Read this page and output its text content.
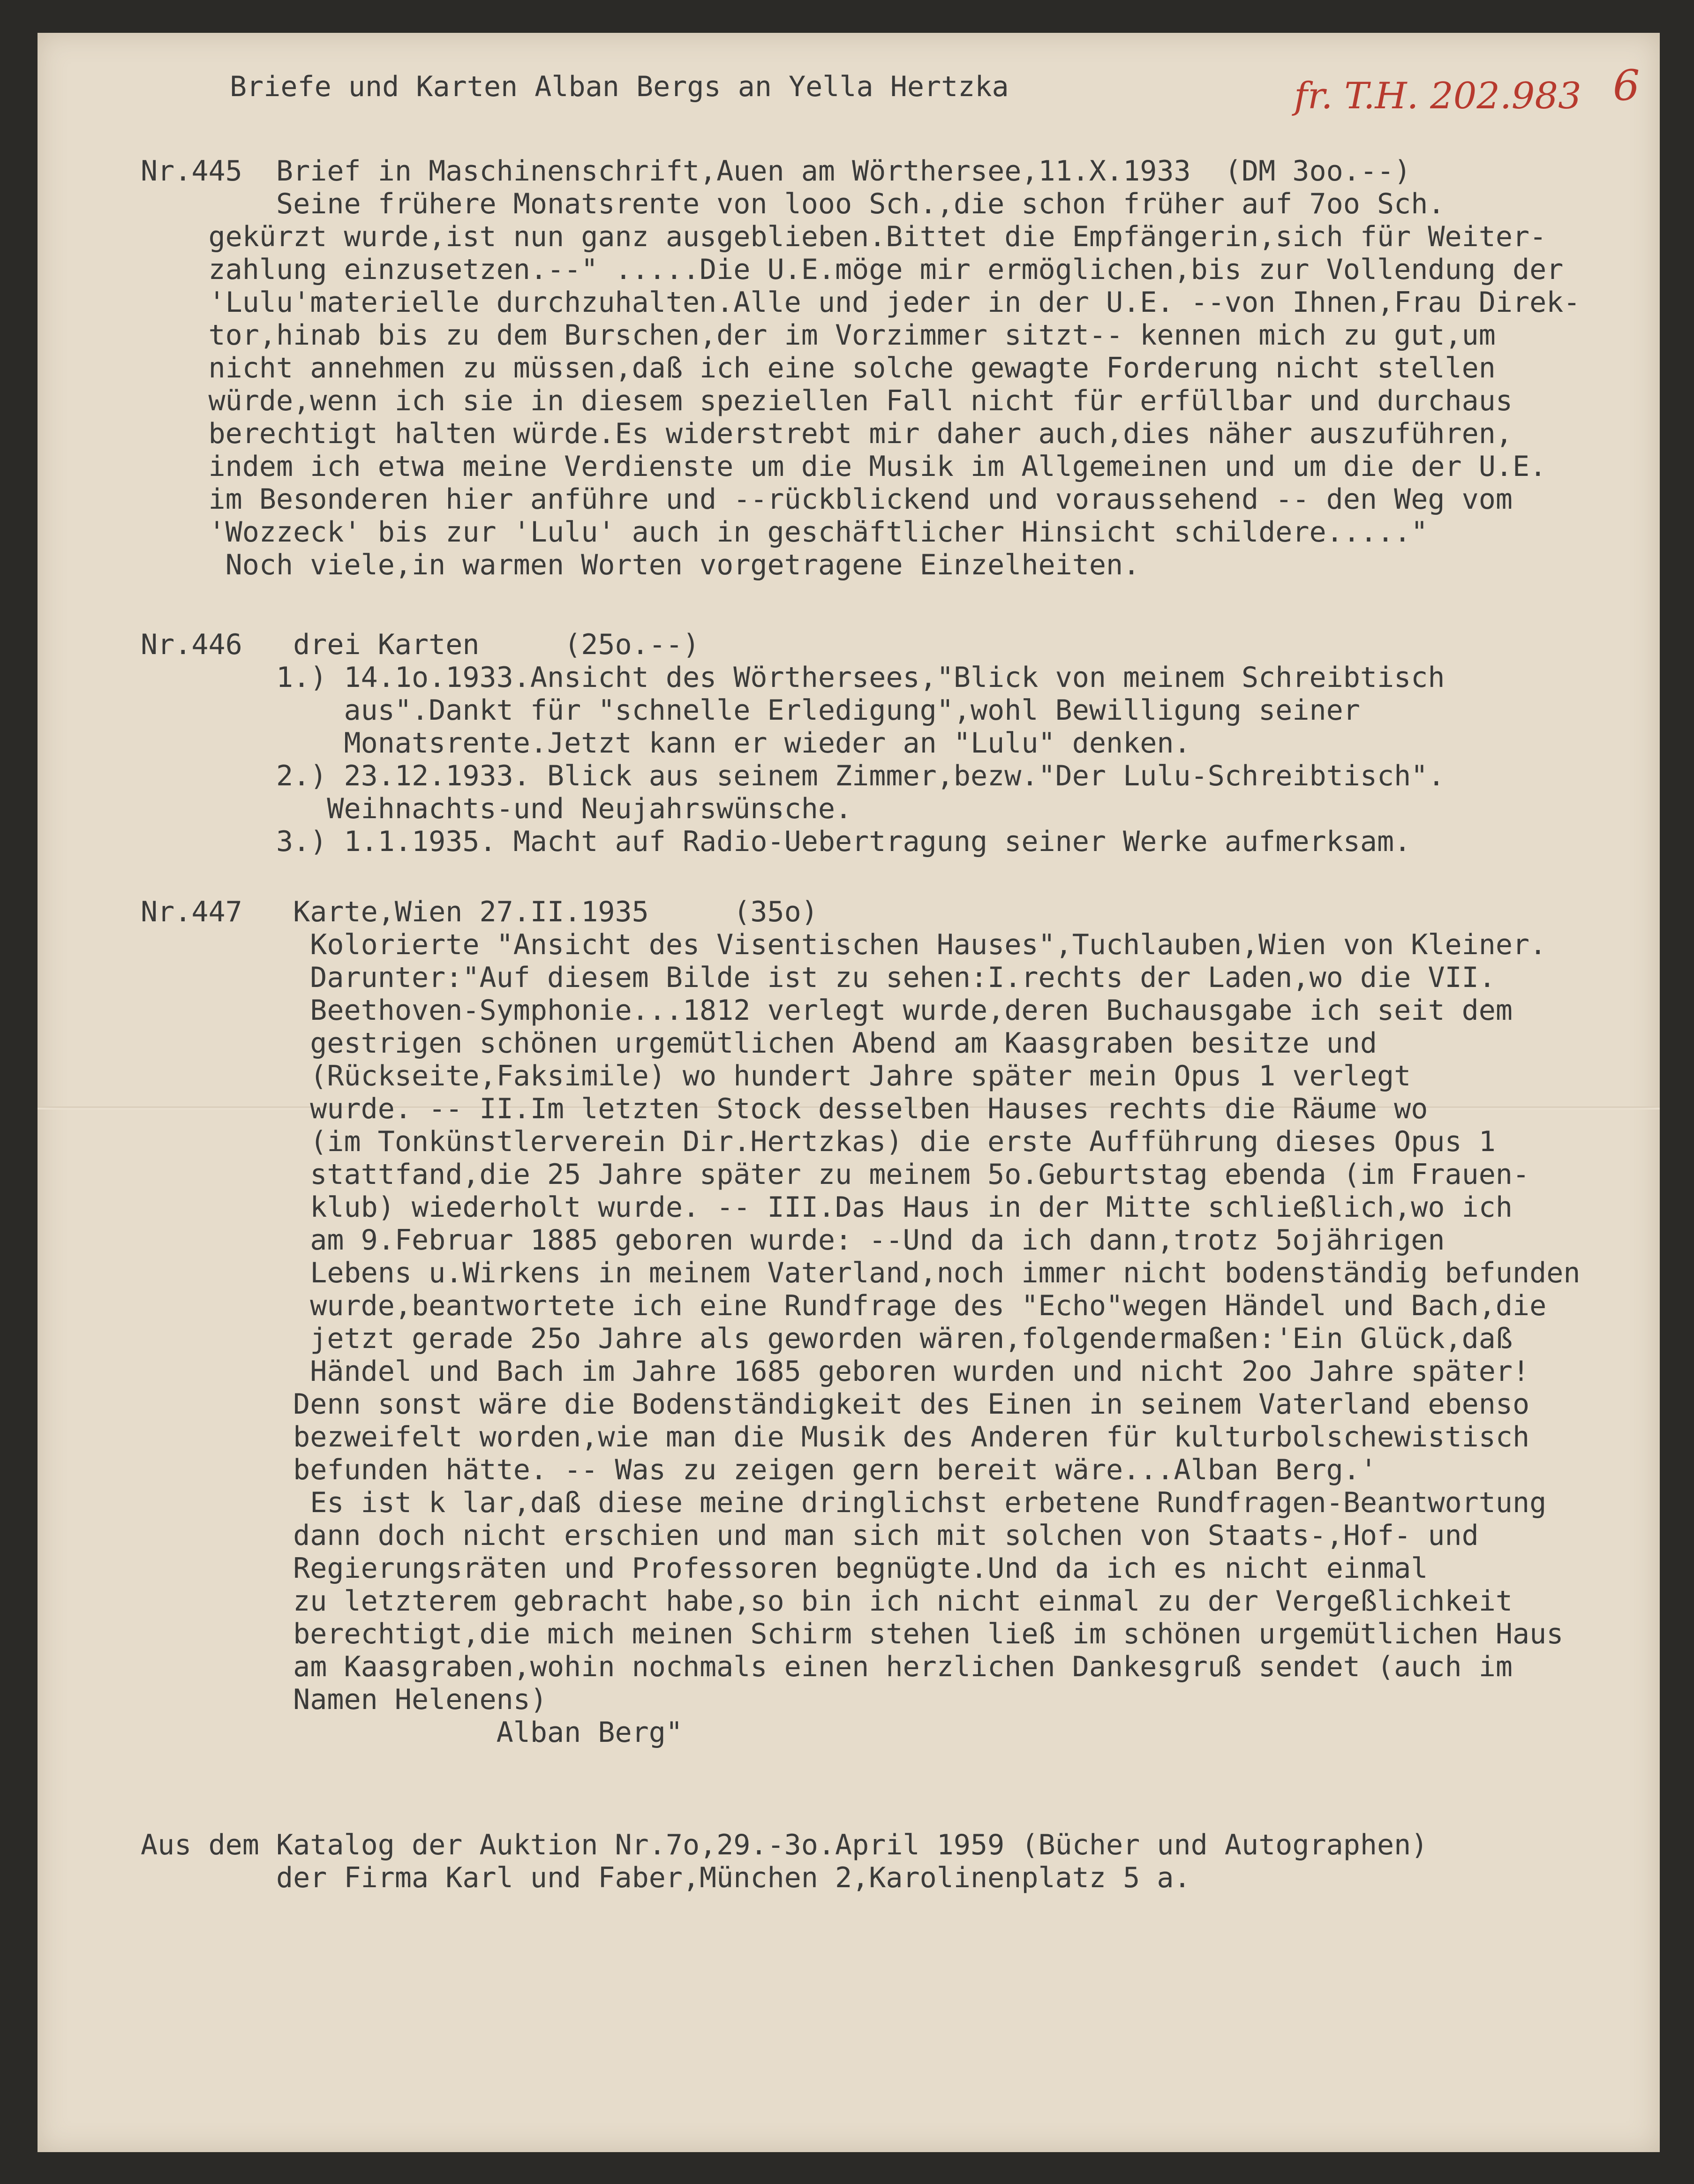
Briefe und Karten Alban Bergs an Yella Hertzka	fr. T.H. 202.983 6
Nr.445  Brief in Maschinenschrift,Auen am Wörthersee,11.X.1933  (DM 3oo.--)
Seine frühere Monatsrente von looo Sch.,die schon früher auf 7oo Sch.
gekürzt wurde,ist nun ganz ausgeblieben.Bittet die Empfängerin,sich für Weiter-
zahlung einzusetzen.--" .....Die U.E.möge mir ermöglichen,bis zur Vollendung der
'Lulu'materielle durchzuhalten.Alle und jeder in der U.E. --von Ihnen,Frau Direk-
tor,hinab bis zu dem Burschen,der im Vorzimmer sitzt-- kennen mich zu gut,um
nicht annehmen zu müssen,daß ich eine solche gewagte Forderung nicht stellen
würde,wenn ich sie in diesem speziellen Fall nicht für erfüllbar und durchaus
berechtigt halten würde.Es widerstrebt mir daher auch,dies näher auszuführen,
indem ich etwa meine Verdienste um die Musik im Allgemeinen und um die der U.E.
im Besonderen hier anführe und --rückblickend und voraussehend -- den Weg vom
'Wozzeck' bis zur 'Lulu' auch in geschäftlicher Hinsicht schildere....."
Noch viele,in warmen Worten vorgetragene Einzelheiten.
Nr.446   drei Karten     (25o.--)
1.) 14.1o.1933.Ansicht des Wörthersees,"Blick von meinem Schreibtisch
aus".Dankt für "schnelle Erledigung",wohl Bewilligung seiner
Monatsrente.Jetzt kann er wieder an "Lulu" denken.
2.) 23.12.1933. Blick aus seinem Zimmer,bezw."Der Lulu-Schreibtisch".
Weihnachts-und Neujahrswünsche.
3.) 1.1.1935. Macht auf Radio-Uebertragung seiner Werke aufmerksam.
Nr.447   Karte,Wien 27.II.1935     (35o)
Kolorierte "Ansicht des Visentischen Hauses",Tuchlauben,Wien von Kleiner.
Darunter:"Auf diesem Bilde ist zu sehen:I.rechts der Laden,wo die VII.
Beethoven-Symphonie...1812 verlegt wurde,deren Buchausgabe ich seit dem
gestrigen schönen urgemütlichen Abend am Kaasgraben besitze und
(Rückseite,Faksimile) wo hundert Jahre später mein Opus 1 verlegt
wurde. -- II.Im letzten Stock desselben Hauses rechts die Räume wo
(im Tonkünstlerverein Dir.Hertzkas) die erste Aufführung dieses Opus 1
stattfand,die 25 Jahre später zu meinem 5o.Geburtstag ebenda (im Frauen-
klub) wiederholt wurde. -- III.Das Haus in der Mitte schließlich,wo ich
am 9.Februar 1885 geboren wurde: --Und da ich dann,trotz 5ojährigen
Lebens u.Wirkens in meinem Vaterland,noch immer nicht bodenständig befunden
wurde,beantwortete ich eine Rundfrage des "Echo"wegen Händel und Bach,die
jetzt gerade 25o Jahre als geworden wären,folgendermaßen:'Ein Glück,daß
Händel und Bach im Jahre 1685 geboren wurden und nicht 2oo Jahre später!
Denn sonst wäre die Bodenständigkeit des Einen in seinem Vaterland ebenso
bezweifelt worden,wie man die Musik des Anderen für kulturbolschewistisch
befunden hätte. -- Was zu zeigen gern bereit wäre...Alban Berg.'
Es ist k lar,daß diese meine dringlichst erbetene Rundfragen-Beantwortung
dann doch nicht erschien und man sich mit solchen von Staats-,Hof- und
Regierungsräten und Professoren begnügte.Und da ich es nicht einmal
zu letzterem gebracht habe,so bin ich nicht einmal zu der Vergeßlichkeit
berechtigt,die mich meinen Schirm stehen ließ im schönen urgemütlichen Haus
am Kaasgraben,wohin nochmals einen herzlichen Dankesgruß sendet (auch im
Namen Helenens)
Alban Berg"
Aus dem Katalog der Auktion Nr.7o,29.-3o.April 1959 (Bücher und Autographen)
der Firma Karl und Faber,München 2,Karolinenplatz 5 a.
